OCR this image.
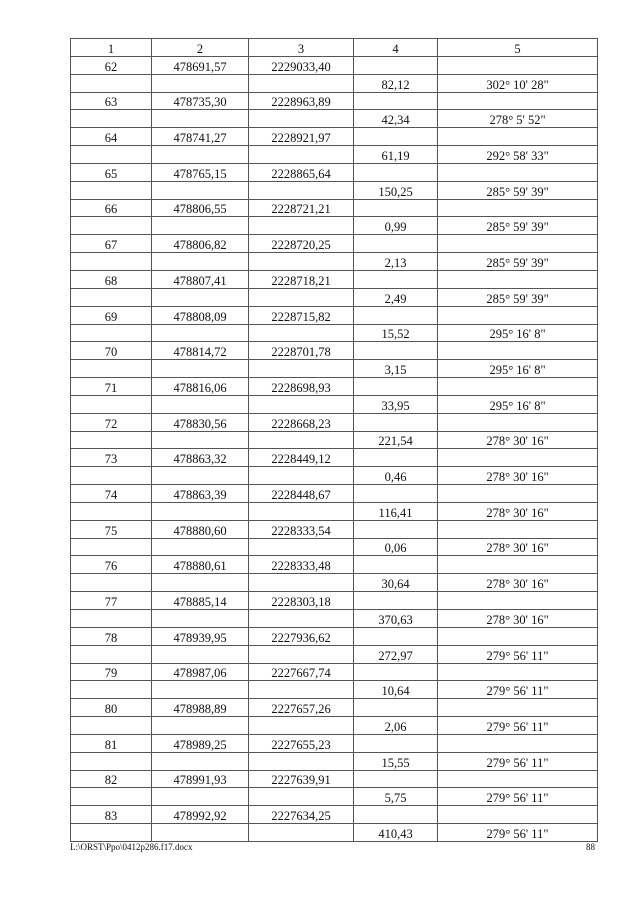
1	2	3	4	5
62	478691,57	2229033,40		
			82,12	302° 10' 28"
63	478735,30	2228963,89		
			42,34	278° 5' 52"
64	478741,27	2228921,97		
			61,19	292° 58' 33"
65	478765,15	2228865,64		
			150,25	285° 59' 39"
66	478806,55	2228721,21		
			0,99	285° 59' 39"
67	478806,82	2228720,25		
			2,13	285° 59' 39"
68	478807,41	2228718,21		
			2,49	285° 59' 39"
69	478808,09	2228715,82		
			15,52	295° 16' 8"
70	478814,72	2228701,78		
			3,15	295° 16' 8"
71	478816,06	2228698,93		
			33,95	295° 16' 8"
72	478830,56	2228668,23		
			221,54	278° 30' 16"
73	478863,32	2228449,12		
			0,46	278° 30' 16"
74	478863,39	2228448,67		
			116,41	278° 30' 16"
75	478880,60	2228333,54		
			0,06	278° 30' 16"
76	478880,61	2228333,48		
			30,64	278° 30' 16"
77	478885,14	2228303,18		
			370,63	278° 30' 16"
78	478939,95	2227936,62		
			272,97	279° 56' 11"
79	478987,06	2227667,74		
			10,64	279° 56' 11"
80	478988,89	2227657,26		
			2,06	279° 56' 11"
81	478989,25	2227655,23		
			15,55	279° 56' 11"
82	478991,93	2227639,91		
			5,75	279° 56' 11"
83	478992,92	2227634,25		
			410,43	279° 56' 11"
L:\ORST\Ppo\0412p286.f17.docx	88
